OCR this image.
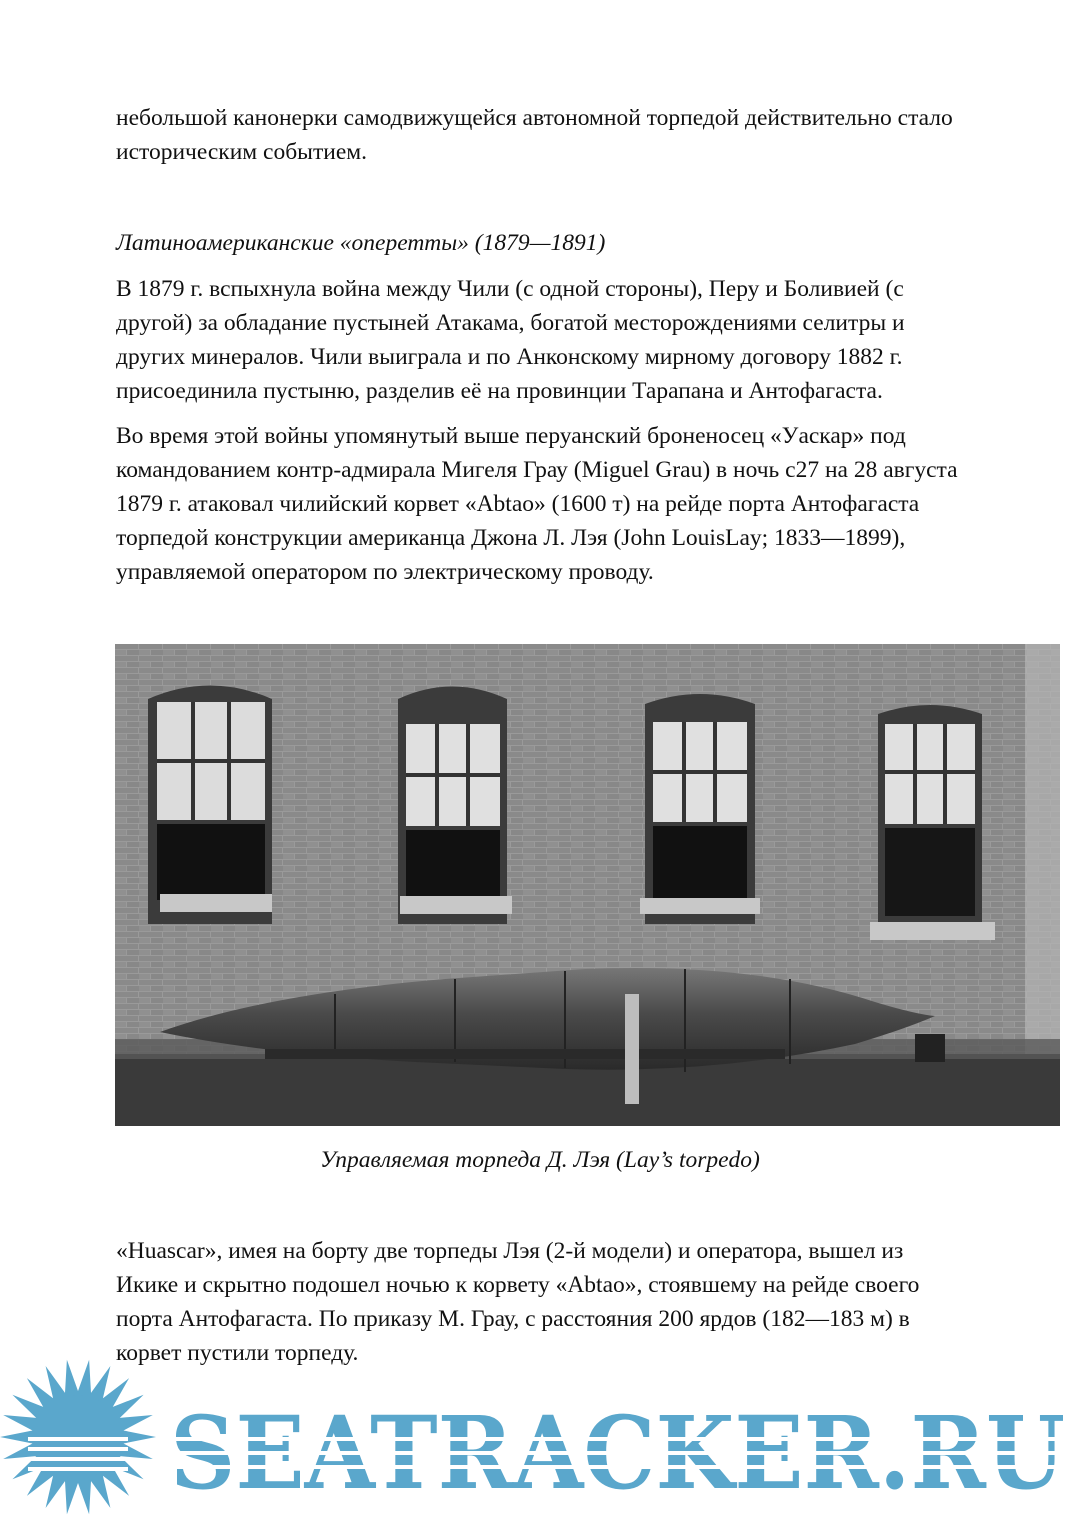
небольшой канонерки самодвижущейся автономной торпедой действительно стало историческим событием.

Латиноамериканские «оперетты» (1879—1891)

В 1879 г. вспыхнула война между Чили (с одной стороны), Перу и Боливией (с другой) за обладание пустыней Атакама, богатой месторождениями селитры и других минералов. Чили выиграла и по Анконскому мирному договору 1882 г. присоединила пустыню, разделив её на провинции Тарапана и Антофагаста.

Во время этой войны упомянутый выше перуанский броненосец «Уаскар» под командованием контр-адмирала Мигеля Грау (Miguel Grau) в ночь с27 на 28 августа 1879 г. атаковал чилийский корвет «Abtao» (1600 т) на рейде порта Антофагаста торпедой конструкции американца Джона Л. Лэя (John LouisLay; 1833—1899), управляемой оператором по электрическому проводу.

«Huascar», имея на борту две торпеды Лэя (2-й модели) и оператора, вышел из Икике и скрытно подошел ночью к корвету «Abtao», стоявшему на рейде своего порта Антофагаста. По приказу М. Грау, с расстояния 200 ярдов (182—183 м) в корвет пустили торпеду.

Управляемая торпеда Д. Лэя (Lay’s torpedo)
